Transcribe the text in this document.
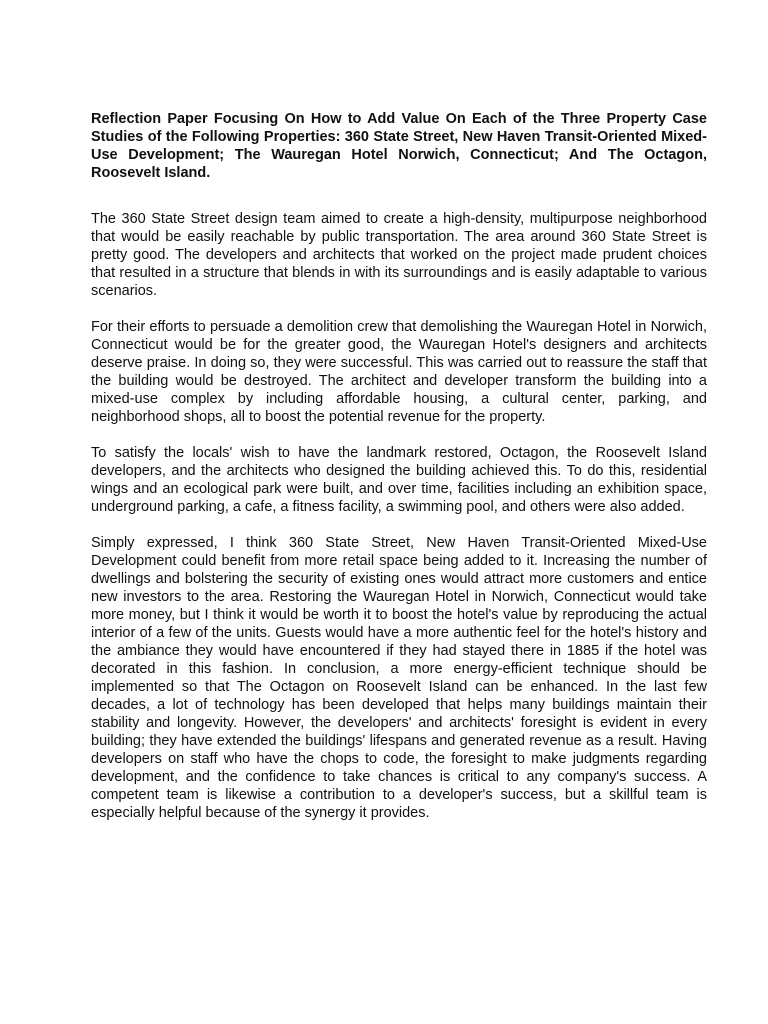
Reflection Paper Focusing On How to Add Value On Each of the Three Property Case Studies of the Following Properties: 360 State Street, New Haven Transit-Oriented Mixed-Use Development; The Wauregan Hotel Norwich, Connecticut; And The Octagon, Roosevelt Island.

The 360 State Street design team aimed to create a high-density, multipurpose neighborhood that would be easily reachable by public transportation. The area around 360 State Street is pretty good. The developers and architects that worked on the project made prudent choices that resulted in a structure that blends in with its surroundings and is easily adaptable to various scenarios.

For their efforts to persuade a demolition crew that demolishing the Wauregan Hotel in Norwich, Connecticut would be for the greater good, the Wauregan Hotel's designers and architects deserve praise. In doing so, they were successful. This was carried out to reassure the staff that the building would be destroyed. The architect and developer transform the building into a mixed-use complex by including affordable housing, a cultural center, parking, and neighborhood shops, all to boost the potential revenue for the property.

To satisfy the locals' wish to have the landmark restored, Octagon, the Roosevelt Island developers, and the architects who designed the building achieved this. To do this, residential wings and an ecological park were built, and over time, facilities including an exhibition space, underground parking, a cafe, a fitness facility, a swimming pool, and others were also added.

Simply expressed, I think 360 State Street, New Haven Transit-Oriented Mixed-Use Development could benefit from more retail space being added to it. Increasing the number of dwellings and bolstering the security of existing ones would attract more customers and entice new investors to the area. Restoring the Wauregan Hotel in Norwich, Connecticut would take more money, but I think it would be worth it to boost the hotel's value by reproducing the actual interior of a few of the units. Guests would have a more authentic feel for the hotel's history and the ambiance they would have encountered if they had stayed there in 1885 if the hotel was decorated in this fashion. In conclusion, a more energy-efficient technique should be implemented so that The Octagon on Roosevelt Island can be enhanced. In the last few decades, a lot of technology has been developed that helps many buildings maintain their stability and longevity. However, the developers' and architects' foresight is evident in every building; they have extended the buildings' lifespans and generated revenue as a result. Having developers on staff who have the chops to code, the foresight to make judgments regarding development, and the confidence to take chances is critical to any company's success. A competent team is likewise a contribution to a developer's success, but a skillful team is especially helpful because of the synergy it provides.
